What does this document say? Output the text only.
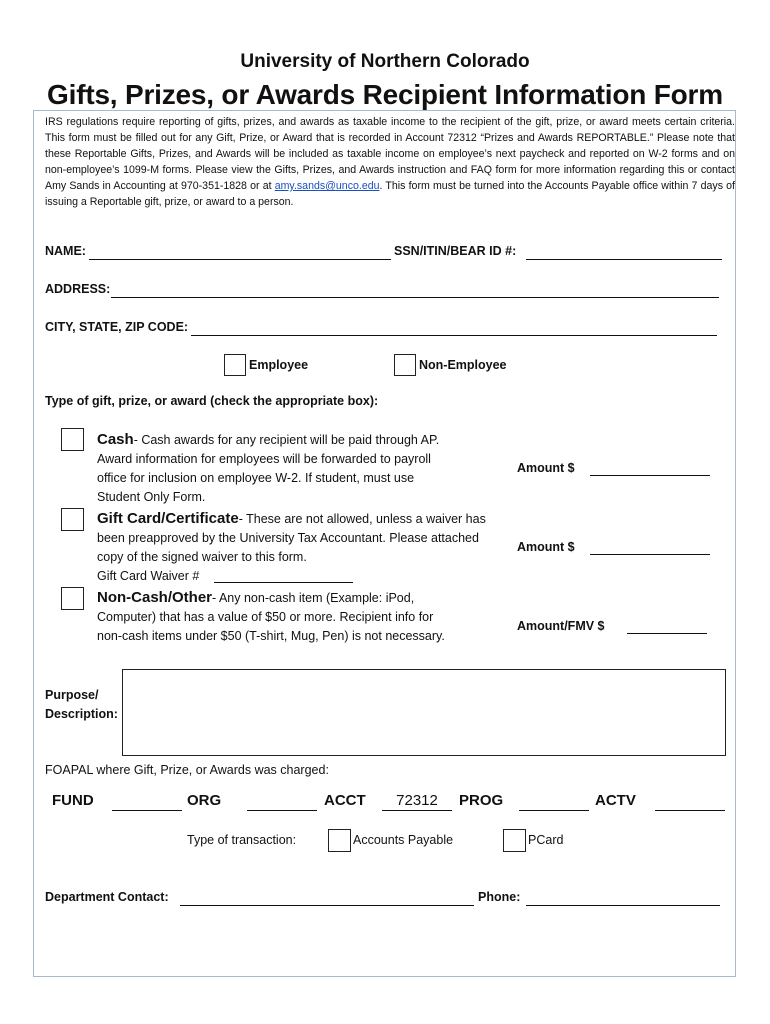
University of Northern Colorado
Gifts, Prizes, or Awards Recipient Information Form
IRS regulations require reporting of gifts, prizes, and awards as taxable income to the recipient of the gift, prize, or award meets certain criteria. This form must be filled out for any Gift, Prize, or Award that is recorded in Account 72312 “Prizes and Awards REPORTABLE.” Please note that these Reportable Gifts, Prizes, and Awards will be included as taxable income on employee’s next paycheck and reported on W-2 forms and on non-employee’s 1099-M forms. Please view the Gifts, Prizes, and Awards instruction and FAQ form for more information regarding this or contact Amy Sands in Accounting at 970-351-1828 or at amy.sands@unco.edu. This form must be turned into the Accounts Payable office within 7 days of issuing a Reportable gift, prize, or award to a person.
NAME:	SSN/ITIN/BEAR ID #:
ADDRESS:
CITY, STATE, ZIP CODE:
Employee	Non-Employee
Type of gift, prize, or award (check the appropriate box):
Cash- Cash awards for any recipient will be paid through AP. Award information for employees will be forwarded to payroll office for inclusion on employee W-2. If student, must use Student Only Form.
Amount $
Gift Card/Certificate- These are not allowed, unless a waiver has been preapproved by the University Tax Accountant. Please attached copy of the signed waiver to this form.
Gift Card Waiver #
Amount $
Non-Cash/Other- Any non-cash item (Example: iPod, Computer) that has a value of $50 or more. Recipient info for non-cash items under $50 (T-shirt, Mug, Pen) is not necessary.
Amount/FMV $
Purpose/
Description:
FOAPAL where Gift, Prize, or Awards was charged:
FUND	ORG	ACCT	72312	PROG	ACTV
Type of transaction:	Accounts Payable	PCard
Department Contact:	Phone:
